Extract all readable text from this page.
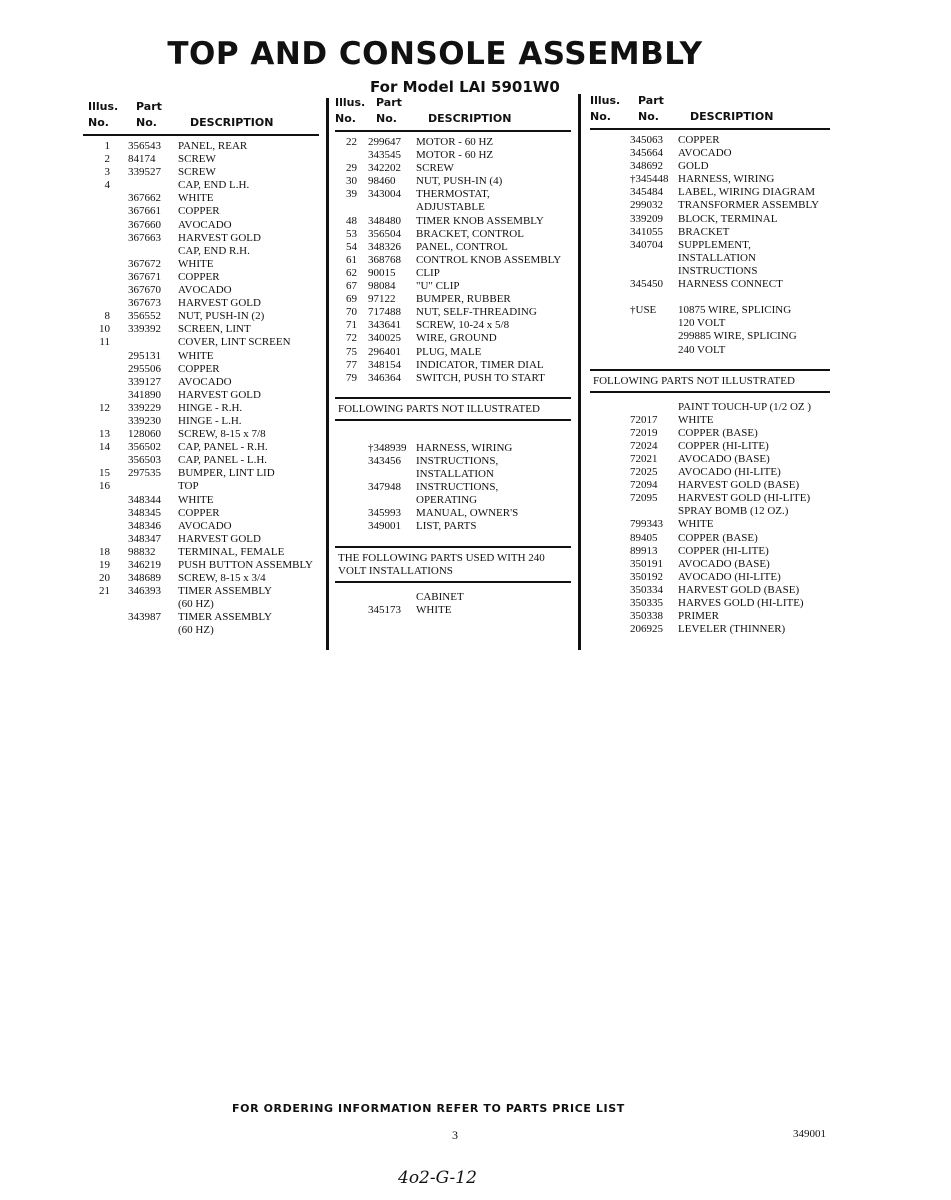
TOP AND CONSOLE ASSEMBLY
For Model LAI 5901W0
Illus. Part
No. No.	DESCRIPTION
1 356543 PANEL, REAR
2 84174 SCREW
3 339527 SCREW
4	CAP, END L.H.
367662 WHITE
367661 COPPER
367660 AVOCADO
367663 HARVEST GOLD
CAP, END R.H.
367672 WHITE
367671 COPPER
367670 AVOCADO
367673 HARVEST GOLD
8 356552 NUT, PUSH-IN (2)
10 339392 SCREEN, LINT
11	COVER, LINT SCREEN
295131 WHITE
295506 COPPER
339127 AVOCADO
341890 HARVEST GOLD
12 339229 HINGE - R.H.
339230 HINGE - L.H.
13 128060 SCREW, 8-15 x 7/8
14 356502 CAP, PANEL - R.H.
356503 CAP, PANEL - L.H.
15 297535 BUMPER, LINT LID
16	TOP
348344 WHITE
348345 COPPER
348346 AVOCADO
348347 HARVEST GOLD
18 98832 TERMINAL, FEMALE
19 346219 PUSH BUTTON ASSEMBLY
20 348689 SCREW, 8-15 x 3/4
21 346393 TIMER ASSEMBLY
(60 HZ)
343987 TIMER ASSEMBLY
(60 HZ)
Illus. Part
No. No.	DESCRIPTION
22 299647 MOTOR - 60 HZ
343545 MOTOR - 60 HZ
29 342202 SCREW
30 98460 NUT, PUSH-IN (4)
39 343004 THERMOSTAT,
ADJUSTABLE
48 348480 TIMER KNOB ASSEMBLY
53 356504 BRACKET, CONTROL
54 348326 PANEL, CONTROL
61 368768 CONTROL KNOB ASSEMBLY
62 90015 CLIP
67 98084 "U" CLIP
69 97122 BUMPER, RUBBER
70 717488 NUT, SELF-THREADING
71 343641 SCREW, 10-24 x 5/8
72 340025 WIRE, GROUND
75 296401 PLUG, MALE
77 348154 INDICATOR, TIMER DIAL
79 346364 SWITCH, PUSH TO START
FOLLOWING PARTS NOT ILLUSTRATED
†348939 HARNESS, WIRING
343456 INSTRUCTIONS,
INSTALLATION
347948 INSTRUCTIONS,
OPERATING
345993 MANUAL, OWNER'S
349001 LIST, PARTS
THE FOLLOWING PARTS USED WITH 240 VOLT INSTALLATIONS
CABINET
345173 WHITE
Illus. Part
No. No.	DESCRIPTION
345063 COPPER
345664 AVOCADO
348692 GOLD
†345448 HARNESS, WIRING
345484 LABEL, WIRING DIAGRAM
299032 TRANSFORMER ASSEMBLY
339209 BLOCK, TERMINAL
341055 BRACKET
340704 SUPPLEMENT,
INSTALLATION
INSTRUCTIONS
345450 HARNESS CONNECT
†USE 10875 WIRE, SPLICING
120 VOLT
299885 WIRE, SPLICING
240 VOLT
FOLLOWING PARTS NOT ILLUSTRATED
PAINT TOUCH-UP (1/2 OZ )
72017 WHITE
72019 COPPER (BASE)
72024 COPPER (HI-LITE)
72021 AVOCADO (BASE)
72025 AVOCADO (HI-LITE)
72094 HARVEST GOLD (BASE)
72095 HARVEST GOLD (HI-LITE)
SPRAY BOMB (12 OZ.)
799343 WHITE
89405 COPPER (BASE)
89913 COPPER (HI-LITE)
350191 AVOCADO (BASE)
350192 AVOCADO (HI-LITE)
350334 HARVEST GOLD (BASE)
350335 HARVES GOLD (HI-LITE)
350338 PRIMER
206925 LEVELER (THINNER)
FOR ORDERING INFORMATION REFER TO PARTS PRICE LIST
3	349001
4o2-G-12
